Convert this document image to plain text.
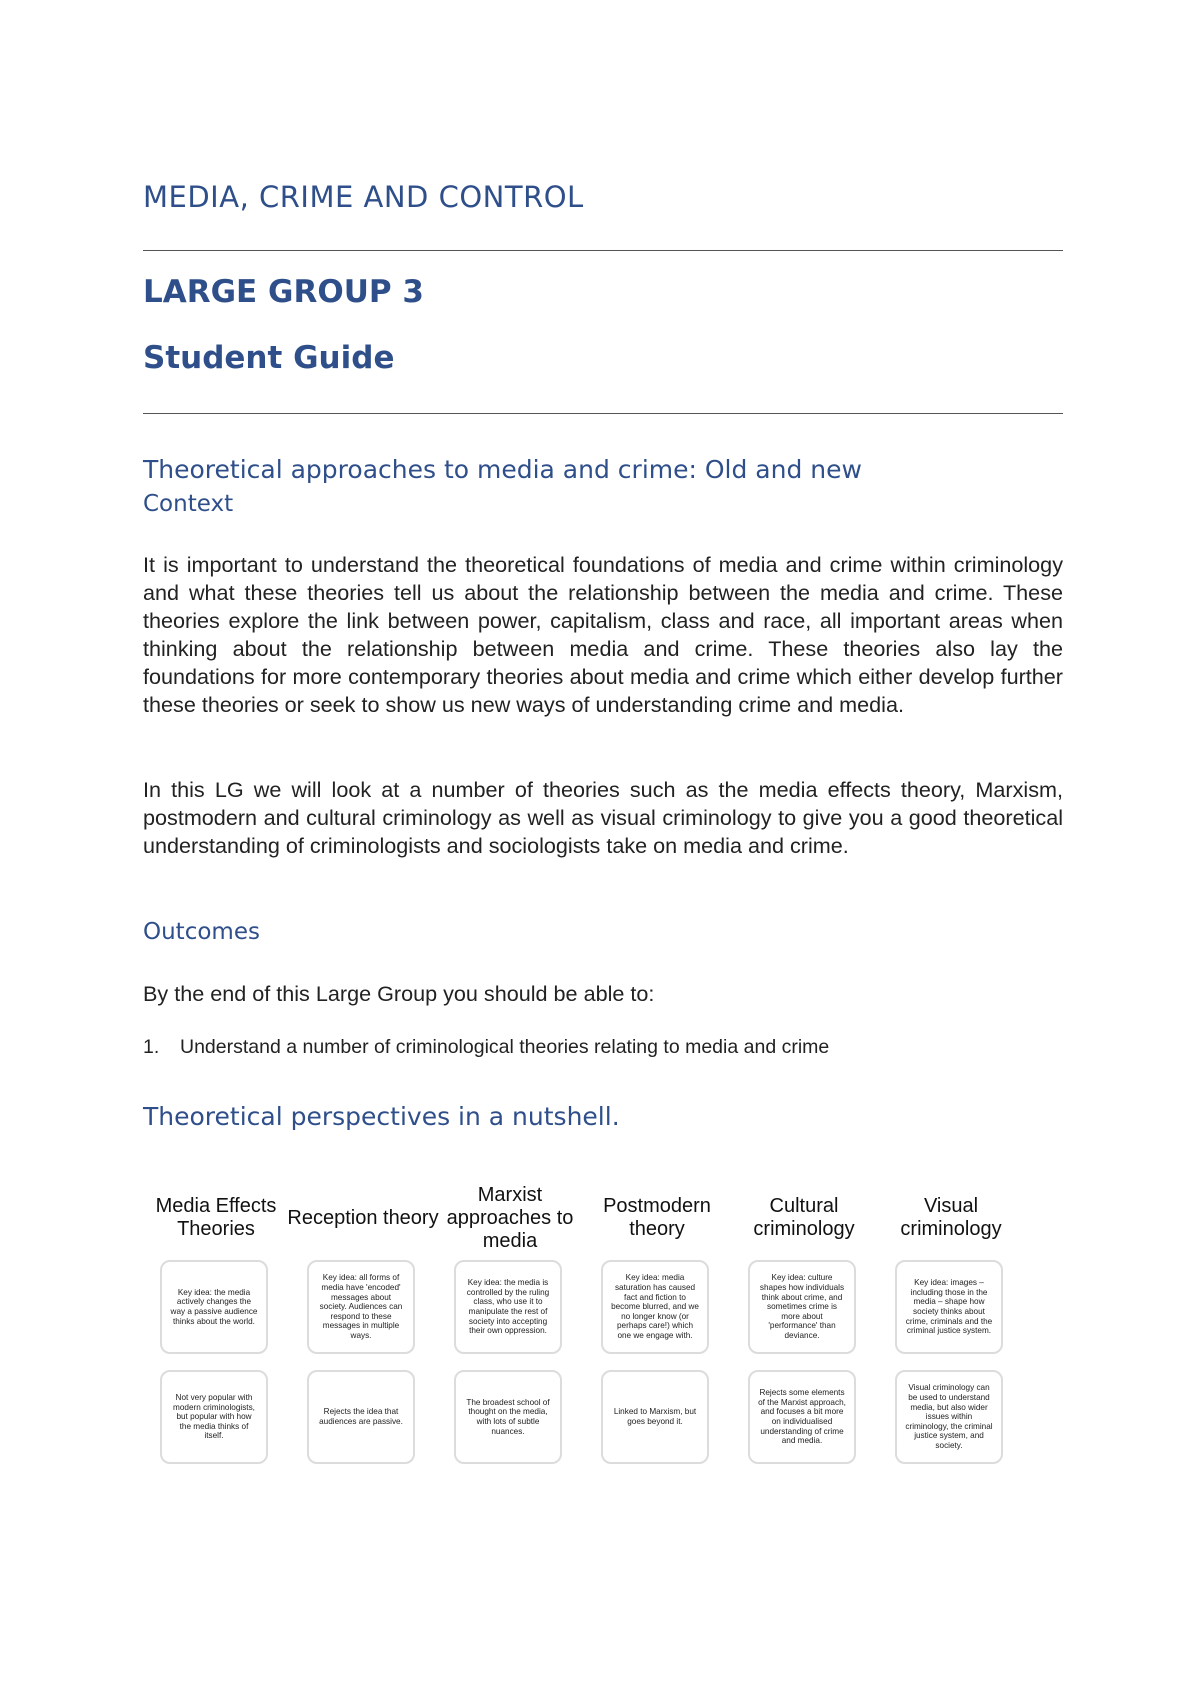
MEDIA, CRIME AND CONTROL
LARGE GROUP 3
Student Guide
Theoretical approaches to media and crime: Old and new
Context
It is important to understand the theoretical foundations of media and crime within criminology and what these theories tell us about the relationship between the media and crime. These theories explore the link between power, capitalism, class and race, all important areas when thinking about the relationship between media and crime. These theories also lay the foundations for more contemporary theories about media and crime which either develop further these theories or seek to show us new ways of understanding crime and media.
In this LG we will look at a number of theories such as the media effects theory, Marxism, postmodern and cultural criminology as well as visual criminology to give you a good theoretical understanding of criminologists and sociologists take on media and crime.
Outcomes
By the end of this Large Group you should be able to:
1. Understand a number of criminological theories relating to media and crime
Theoretical perspectives in a nutshell.
Media Effects Theories
Key idea: the media actively changes the way a passive audience thinks about the world.
Not very popular with modern criminologists, but popular with how the media thinks of itself.
Reception theory
Key idea: all forms of media have 'encoded' messages about society. Audiences can respond to these messages in multiple ways.
Rejects the idea that audiences are passive.
Marxist approaches to media
Key idea: the media is controlled by the ruling class, who use it to manipulate the rest of society into accepting their own oppression.
The broadest school of thought on the media, with lots of subtle nuances.
Postmodern theory
Key idea: media saturation has caused fact and fiction to become blurred, and we no longer know (or perhaps care!) which one we engage with.
Linked to Marxism, but goes beyond it.
Cultural criminology
Key idea: culture shapes how individuals think about crime, and sometimes crime is more about 'performance' than deviance.
Rejects some elements of the Marxist approach, and focuses a bit more on individualised understanding of crime and media.
Visual criminology
Key idea: images – including those in the media – shape how society thinks about crime, criminals and the criminal justice system.
Visual criminology can be used to understand media, but also wider issues within criminology, the criminal justice system, and society.
